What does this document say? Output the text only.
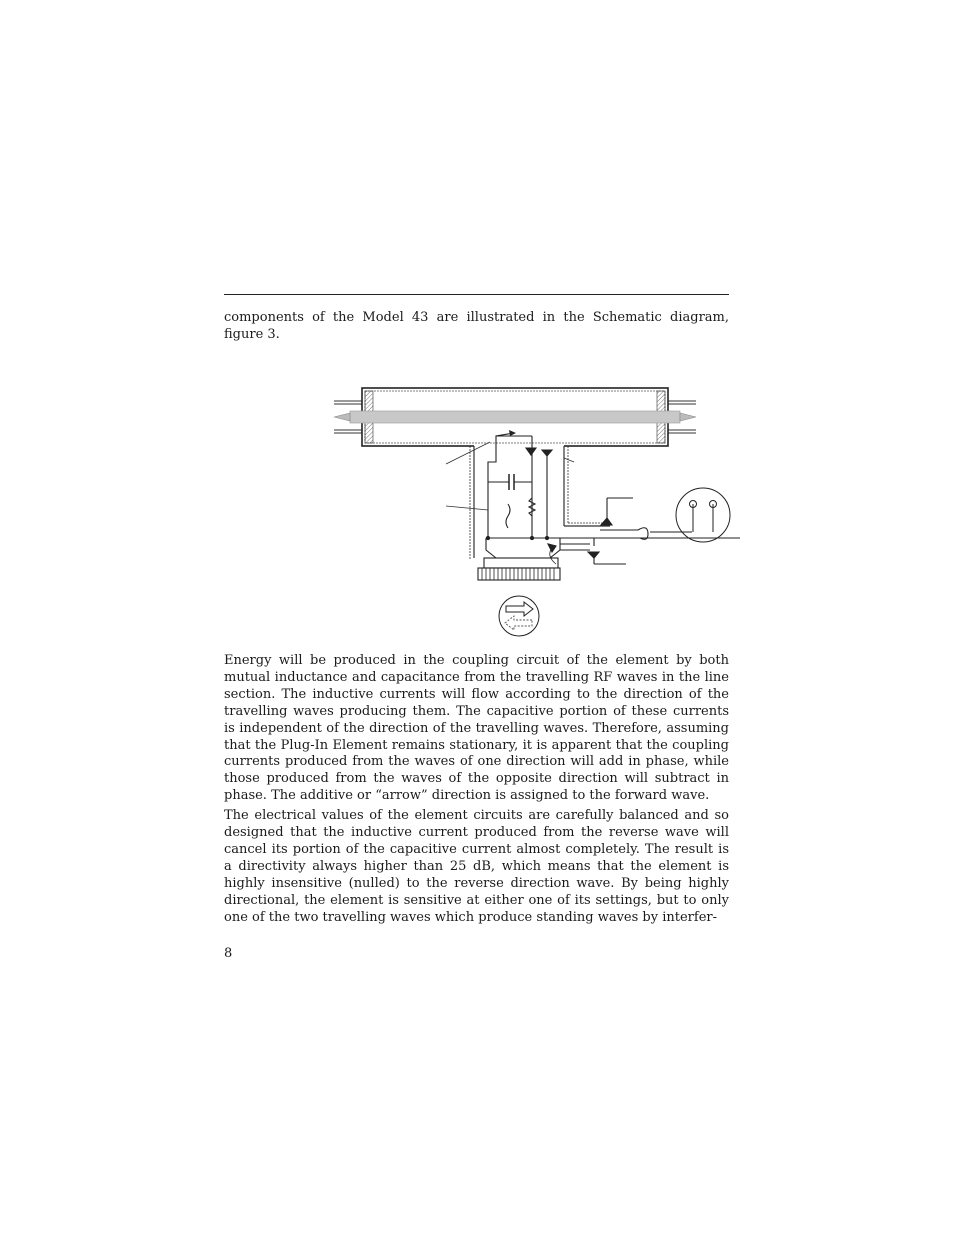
components of the Model 43 are illustrated in the Schematic diagram, figure 3.

Energy will be produced in the coupling circuit of the element by both mutual inductance and capacitance from the travelling RF waves in the line section. The inductive currents will flow according to the direction of the travelling waves producing them. The capacitive portion of these currents is independent of the direction of the travelling waves. Therefore, assuming that the Plug-In Element remains stationary, it is apparent that the coupling currents produced from the waves of one direction will add in phase, while those produced from the waves of the opposite direction will subtract in phase. The additive or “arrow” direction is assigned to the forward wave.

The electrical values of the element circuits are carefully balanced and so designed that the inductive current produced from the reverse wave will cancel its portion of the capacitive current almost completely. The result is a directivity always higher than 25 dB, which means that the element is highly insensitive (nulled) to the reverse direction wave. By being highly directional, the element is sensitive at either one of its settings, but to only one of the two travelling waves which produce standing waves by interfer-

8
